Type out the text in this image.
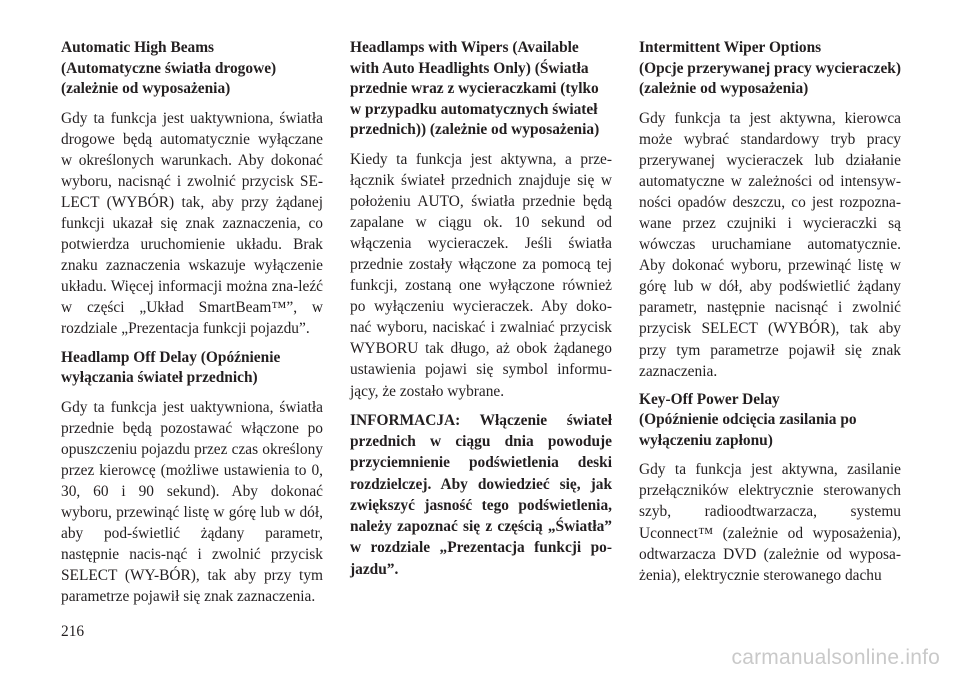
Automatic High Beams
(Automatyczne światła drogowe)
(zależnie od wyposażenia)

Gdy ta funkcja jest uaktywniona, światła drogowe będą automatycznie wyłączane w określonych warunkach. Aby dokonać wyboru, nacisnąć i zwolnić przycisk SE-LECT (WYBÓR) tak, aby przy żądanej funkcji ukazał się znak zaznaczenia, co potwierdza uruchomienie układu. Brak znaku zaznaczenia wskazuje wyłączenie układu. Więcej informacji można zna-leźć w części „Układ SmartBeam™”, w rozdziale „Prezentacja funkcji pojazdu”.

Headlamp Off Delay (Opóźnienie
wyłączania świateł przednich)

Gdy ta funkcja jest uaktywniona, światła przednie będą pozostawać włączone po opuszczeniu pojazdu przez czas określony przez kierowcę (możliwe ustawienia to 0, 30, 60 i 90 sekund). Aby dokonać wyboru, przewinąć listę w górę lub w dół, aby pod-świetlić żądany parametr, następnie nacis-nąć i zwolnić przycisk SELECT (WY-BÓR), tak aby przy tym parametrze pojawił się znak zaznaczenia.

Headlamps with Wipers (Available
with Auto Headlights Only) (Światła
przednie wraz z wycieraczkami (tylko
w przypadku automatycznych świateł
przednich)) (zależnie od wyposażenia)

Kiedy ta funkcja jest aktywna, a prze-łącznik świateł przednich znajduje się w położeniu AUTO, światła przednie będą zapalane w ciągu ok. 10 sekund od włączenia wycieraczek. Jeśli światła przednie zostały włączone za pomocą tej funkcji, zostaną one wyłączone również po wyłączeniu wycieraczek. Aby doko-nać wyboru, naciskać i zwalniać przycisk WYBORU tak długo, aż obok żądanego ustawienia pojawi się symbol informu-jący, że zostało wybrane.

INFORMACJA: Włączenie świateł przednich w ciągu dnia powoduje przyciemnienie podświetlenia deski rozdzielczej. Aby dowiedzieć się, jak zwiększyć jasność tego podświetlenia, należy zapoznać się z częścią „Światła” w rozdziale „Prezentacja funkcji po-jazdu”.

Intermittent Wiper Options
(Opcje przerywanej pracy wycieraczek)
(zależnie od wyposażenia)

Gdy funkcja ta jest aktywna, kierowca może wybrać standardowy tryb pracy przerywanej wycieraczek lub działanie automatyczne w zależności od intensyw-ności opadów deszczu, co jest rozpozna-wane przez czujniki i wycieraczki są wówczas uruchamiane automatycznie. Aby dokonać wyboru, przewinąć listę w górę lub w dół, aby podświetlić żądany parametr, następnie nacisnąć i zwolnić przycisk SELECT (WYBÓR), tak aby przy tym parametrze pojawił się znak zaznaczenia.

Key-Off Power Delay
(Opóźnienie odcięcia zasilania po
wyłączeniu zapłonu)

Gdy ta funkcja jest aktywna, zasilanie przełączników elektrycznie sterowanych szyb, radioodtwarzacza, systemu Uconnect™ (zależnie od wyposażenia), odtwarzacza DVD (zależnie od wyposa-żenia), elektrycznie sterowanego dachu

216
carmanualsonline.info
